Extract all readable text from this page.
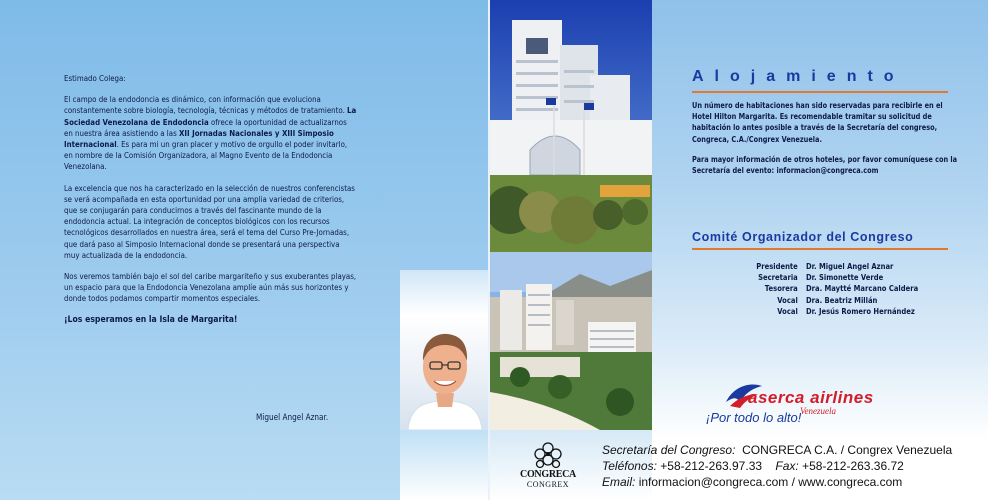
Estimado Colega:

El campo de la endodoncia es dinámico, con información que evoluciona constantemente sobre biología, tecnología, técnicas y métodos de tratamiento. La Sociedad Venezolana de Endodoncia ofrece la oportunidad de actualizarnos en nuestra área asistiendo a las XII Jornadas Nacionales y XIII Simposio Internacional. Es para mi un gran placer y motivo de orgullo el poder invitarlo, en nombre de la Comisión Organizadora, al Magno Evento de la Endodoncia Venezolana.

La excelencia que nos ha caracterizado en la selección de nuestros conferencistas se verá acompañada en esta oportunidad por una amplia variedad de criterios, que se conjugarán para conducirnos a través del fascinante mundo de la endodoncia actual. La integración de conceptos biológicos con los recursos tecnológicos desarrollados en nuestra área, será el tema del Curso Pre-Jornadas, que dará paso al Simposio Internacional donde se presentará una perspectiva muy actualizada de la endodoncia.

Nos veremos también bajo el sol del caribe margariteño y sus exuberantes playas, un espacio para que la Endodoncia Venezolana amplíe aún más sus horizontes y donde todos podamos compartir momentos especiales.

¡Los esperamos en la Isla de Margarita!

Miguel Angel Aznar.
Alojamiento

Un número de habitaciones han sido reservadas para recibirle en el Hotel Hilton Margarita. Es recomendable tramitar su solicitud de habitación lo antes posible a través de la Secretaría del congreso, Congreca, C.A./Congrex Venezuela.

Para mayor información de otros hoteles, por favor comuníquese con la Secretaría del evento: informacion@congreca.com

Comité Organizador del Congreso
Presidente Dr. Miguel Angel Aznar
Secretaria Dr. Simonette Verde
Tesorera Dra. Maytté Marcano Caldera
Vocal Dra. Beatriz Millán
Vocal Dr. Jesús Romero Hernández
aserca airlines
Venezuela
¡Por todo lo alto!
CONGRECA
CONGREX
Secretaría del Congreso: CONGRECA C.A. / Congrex Venezuela
Teléfonos: +58-212-263.97.33 Fax: +58-212-263.36.72
Email: informacion@congreca.com / www.congreca.com
